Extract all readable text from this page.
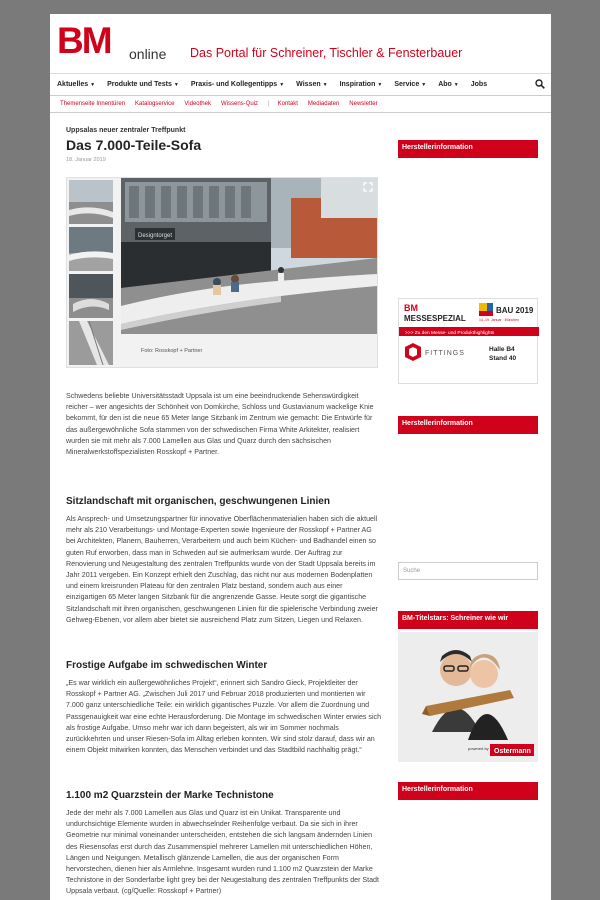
BM online Das Portal für Schreiner, Tischler & Fensterbauer
Aktuelles ▼ Produkte und Tests ▼ Praxis- und Kollegentipps ▼ Wissen ▼ Inspiration ▼ Service ▼ Abo ▼ Jobs
Themenseite Innentüren Katalogservice Videothek Wissens-Quiz | Kontakt Mediadaten Newsletter
Uppsalas neuer zentraler Treffpunkt
Das 7.000-Teile-Sofa
18. Januar 2019
Designtorget
Foto: Rosskopf + Partner
Schwedens beliebte Universitätsstadt Uppsala ist um eine beeindruckende Sehenswürdigkeit reicher – wer angesichts der Schönheit von Domkirche, Schloss und Gustavianum wackelige Knie bekommt, für den ist die neue 65 Meter lange Sitzbank im Zentrum wie gemacht: Die Entwürfe für das außergewöhnliche Sofa stammen von der schwedischen Firma White Arkitekter, realisiert wurden sie mit mehr als 7.000 Lamellen aus Glas und Quarz durch den sächsischen Mineralwerkstoffspezialisten Rosskopf + Partner.
Sitzlandschaft mit organischen, geschwungenen Linien
Als Ansprech- und Umsetzungspartner für innovative Oberflächenmaterialien haben sich die aktuell mehr als 210 Verarbeitungs- und Montage-Experten sowie Ingenieure der Rosskopf + Partner AG bei Architekten, Planern, Bauherren, Verarbeitern und auch beim Küchen- und Badhandel einen so guten Ruf erworben, dass man in Schweden auf sie aufmerksam wurde. Der Auftrag zur Renovierung und Neugestaltung des zentralen Treffpunkts wurde von der Stadt Uppsala bereits im Jahr 2011 vergeben. Ein Konzept erhielt den Zuschlag, das nicht nur aus modernen Bodenplatten und einem kreisrunden Plateau für den zentralen Platz bestand, sondern auch aus einer einzigartigen 65 Meter langen Sitzbank für die angrenzende Gasse. Heute sorgt die gigantische Sitzlandschaft mit ihren organischen, geschwungenen Linien für die spielerische Verbindung zweier Gehweg-Ebenen, vor allem aber bietet sie ausreichend Platz zum Sitzen, Liegen und Relaxen.
Frostige Aufgabe im schwedischen Winter
„Es war wirklich ein außergewöhnliches Projekt“, erinnert sich Sandro Gieck, Projektleiter der Rosskopf + Partner AG. „Zwischen Juli 2017 und Februar 2018 produzierten und montierten wir 7.000 ganz unterschiedliche Teile: ein wirklich gigantisches Puzzle. Vor allem die Zuordnung und Passgenauigkeit war eine echte Herausforderung. Die Montage im schwedischen Winter erwies sich als frostige Aufgabe. Umso mehr war ich dann begeistert, als wir im Sommer nochmals zurückkehrten und unser Riesen-Sofa im Alltag erleben konnten. Wir sind stolz darauf, dass wir an einem Objekt mitwirken konnten, das Menschen verbindet und das Stadtbild nachhaltig prägt.“
1.100 m2 Quarzstein der Marke Technistone
Jede der mehr als 7.000 Lamellen aus Glas und Quarz ist ein Unikat. Transparente und undurchsichtige Elemente wurden in abwechselnder Reihenfolge verbaut. Da sie sich in ihrer Geometrie nur minimal voneinander unterscheiden, entstehen die sich langsam ändernden Linien des Riesensofas erst durch das Zusammenspiel mehrerer Lamellen mit unterschiedlichen Höhen, Längen und Neigungen. Metallisch glänzende Lamellen, die aus der organischen Form hervorstechen, dienen hier als Armlehne. Insgesamt wurden rund 1.100 m2 Quarzstein der Marke Technistone in der Sonderfarbe light grey bei der Neugestaltung des zentralen Treffpunkts der Stadt Uppsala verbaut. (cg/Quelle: Rosskopf + Partner)
Herstellerinformation
BM
MESSESPEZIAL
BAU 2019
14.-19. Januar · München
>>> Zu den Messe- und Produkthighlights
FITTINGS
Halle B4
Stand 40
Herstellerinformation
Suche
BM-Titelstars: Schreiner wie wir
powered by Ostermann
Herstellerinformation
